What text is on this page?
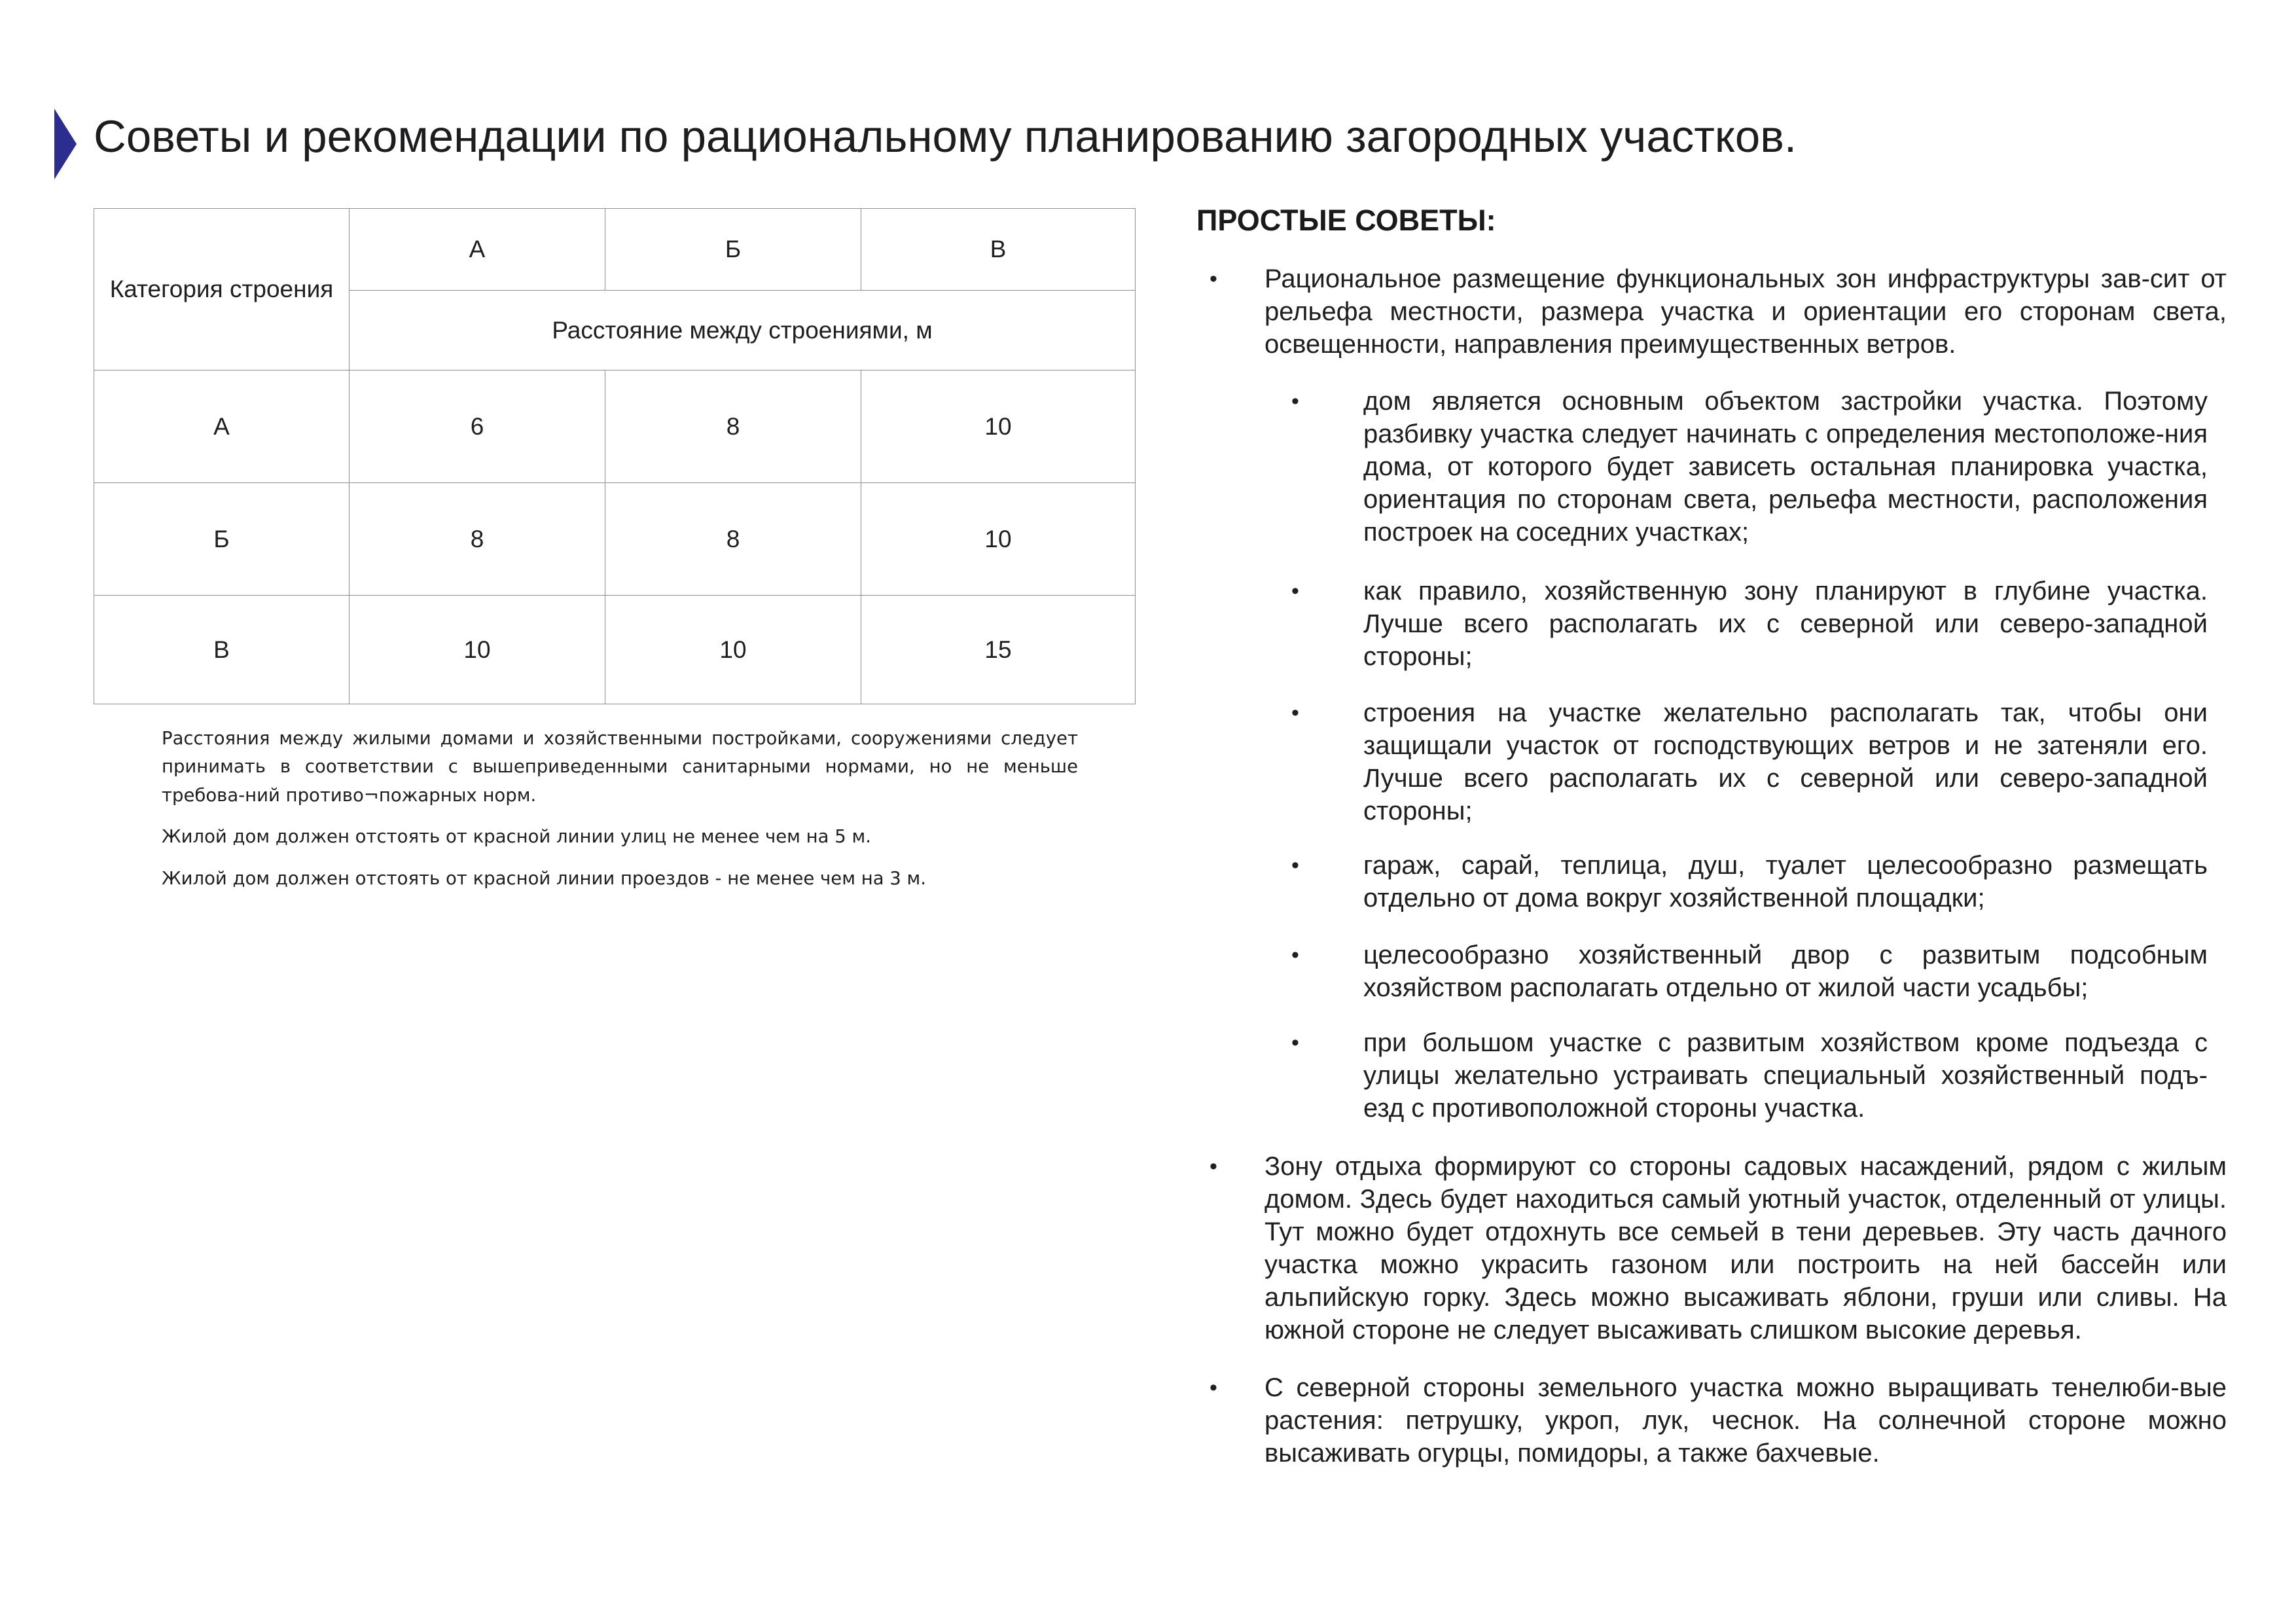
Советы и рекомендации по рациональному планированию загородных участков.
Категория строения	А	Б	В
	Расстояние между строениями, м		
А	6	8	10
Б	8	8	10
В	10	10	15

Расстояния между жилыми домами и хозяйственными постройками, сооружениями следует принимать в соответствии с вышеприведенными санитарными нормами, но не меньше требова-ний противо¬пожарных норм.

Жилой дом должен отстоять от красной линии улиц не менее чем на 5 м.

Жилой дом должен отстоять от красной линии проездов - не менее чем на 3 м.

ПРОСТЫЕ СОВЕТЫ:

• Рациональное размещение функциональных зон инфраструктуры зав-сит от рельефа местности, размера участка и ориентации его сторонам света, освещенности, направления преимущественных ветров.

• дом является основным объектом застройки участка. Поэтому разбивку участка следует начинать с определения местоположе-ния дома, от которого будет зависеть остальная планировка участка, ориентация по сторонам света, рельефа местности, расположения построек на соседних участках;

• как правило, хозяйственную зону планируют в глубине участка. Лучше всего располагать их с северной или северо-западной стороны;

• строения на участке желательно располагать так, чтобы они защищали участок от господствующих ветров и не затеняли его. Лучше всего располагать их с северной или северо-западной стороны;

• гараж, сарай, теплица, душ, туалет целесообразно размещать отдельно от дома вокруг хозяйственной площадки;

• целесообразно хозяйственный двор с развитым подсобным хозяйством располагать отдельно от жилой части усадьбы;

• при большом участке с развитым хозяйством кроме подъезда с улицы желательно устраивать специальный хозяйственный подъ-езд с противоположной стороны участка.

• Зону отдыха формируют со стороны садовых насаждений, рядом с жилым домом. Здесь будет находиться самый уютный участок, отделенный от улицы. Тут можно будет отдохнуть все семьей в тени деревьев. Эту часть дачного участка можно украсить газоном или построить на ней бассейн или альпийскую горку. Здесь можно высаживать яблони, груши или сливы. На южной стороне не следует высаживать слишком высокие деревья.

• С северной стороны земельного участка можно выращивать тенелюби-вые растения: петрушку, укроп, лук, чеснок. На солнечной стороне можно высаживать огурцы, помидоры, а также бахчевые.
